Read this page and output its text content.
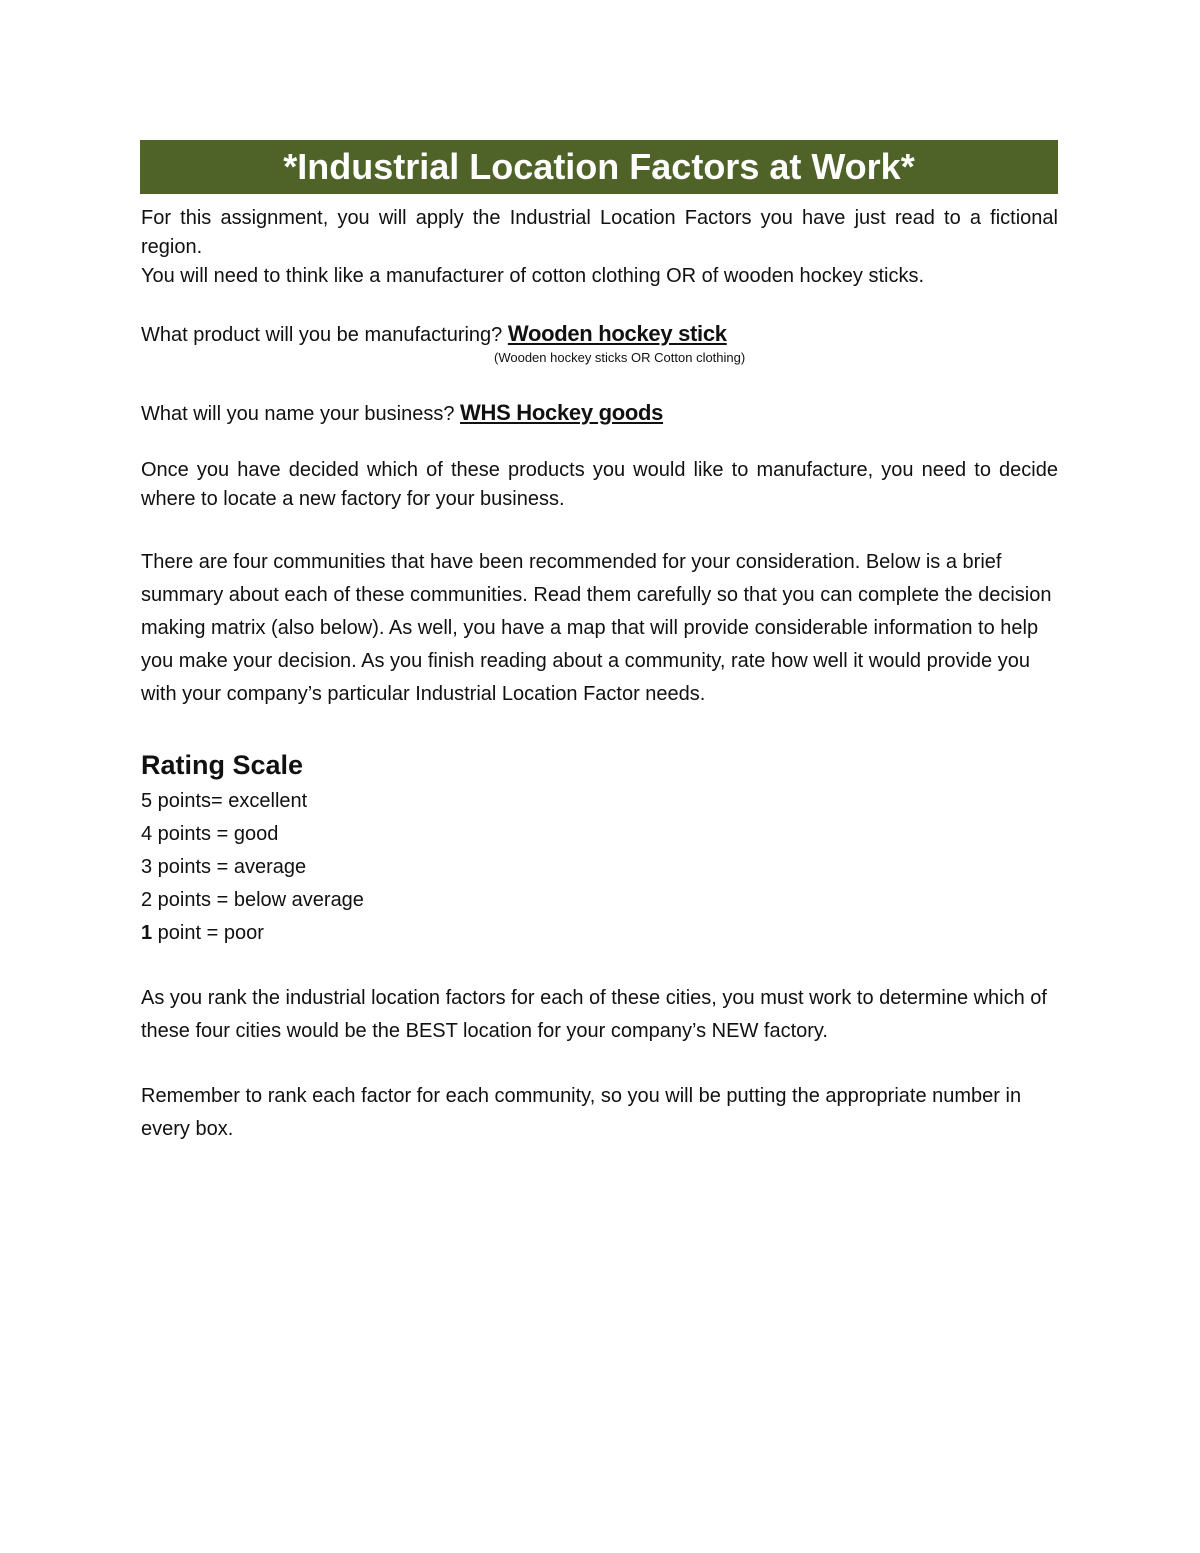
*Industrial Location Factors at Work*

For this assignment, you will apply the Industrial Location Factors you have just read to a fictional region.

You will need to think like a manufacturer of cotton clothing OR of wooden hockey sticks.

What product will you be manufacturing? Wooden hockey stick

(Wooden hockey sticks OR Cotton clothing)

What will you name your business? WHS Hockey goods

Once you have decided which of these products you would like to manufacture, you need to decide where to locate a new factory for your business.

There are four communities that have been recommended for your consideration. Below is a brief summary about each of these communities. Read them carefully so that you can complete the decision making matrix (also below). As well, you have a map that will provide considerable information to help you make your decision. As you finish reading about a community, rate how well it would provide you with your company’s particular Industrial Location Factor needs.

Rating Scale
5 points= excellent
4 points = good
3 points = average
2 points = below average
1 point = poor

As you rank the industrial location factors for each of these cities, you must work to determine which of these four cities would be the BEST location for your company’s NEW factory.

Remember to rank each factor for each community, so you will be putting the appropriate number in every box.
